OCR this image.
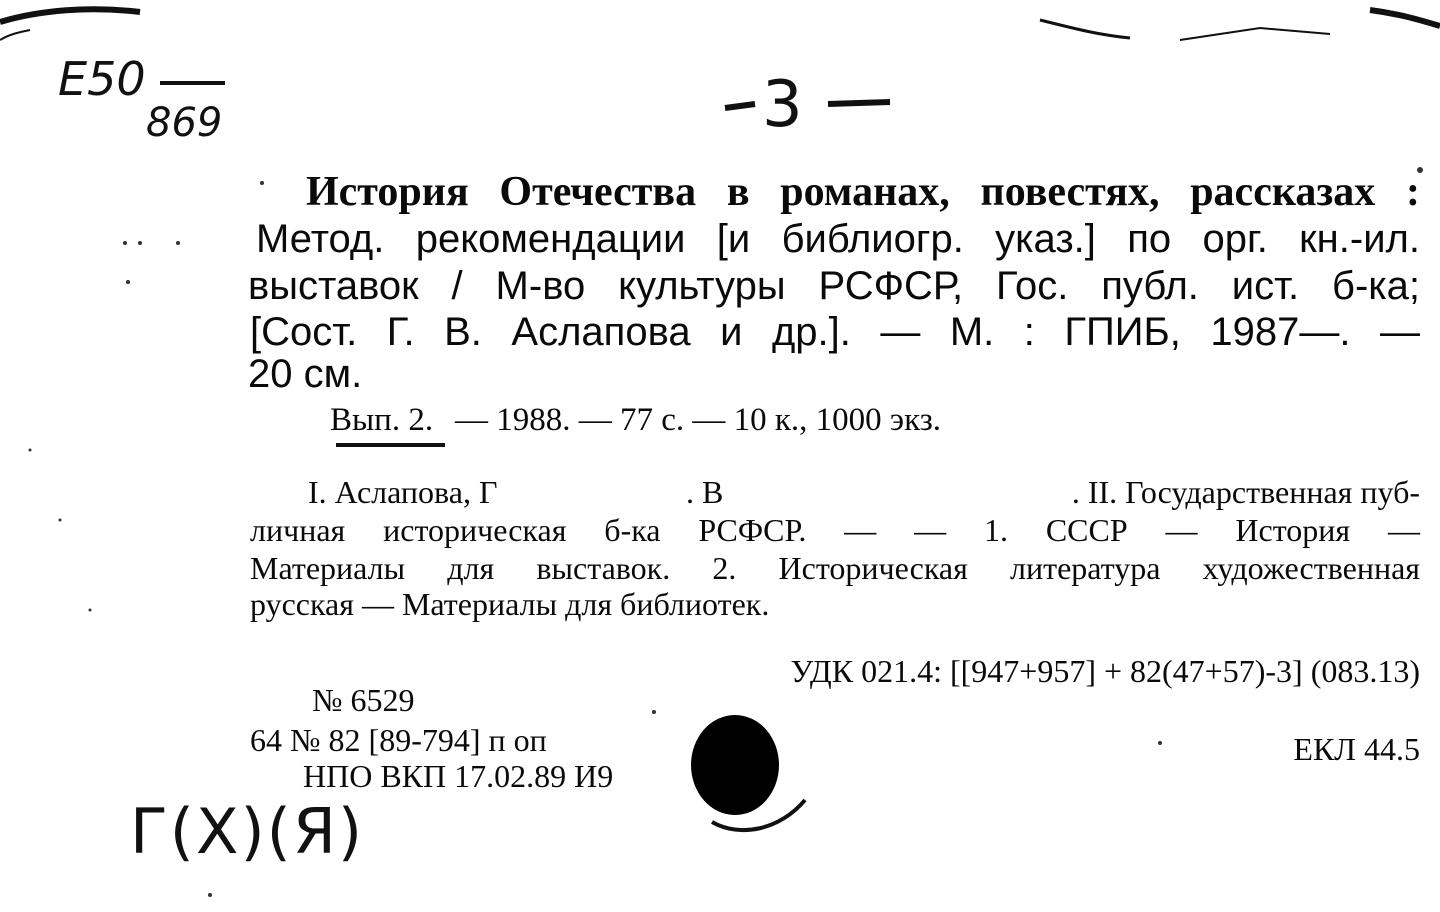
Е50
869	3
Г(Х)(Я)
История Отечества в романах, повестях, рассказах :
Метод. рекомендации [и библиогр. указ.] по орг. кн.-ил.
выставок / М-во культуры РСФСР, Гос. публ. ист. б-ка;
[Сост. Г. В. Аслапова и др.]. — М. : ГПИБ, 1987—. —
20 см.
Вып. 2. — 1988. — 77 с. — 10 к., 1000 экз.
I. Аслапова, Г	. В	. II. Государственная пуб-
личная историческая б-ка РСФСР. — — 1. СССР — История —
Материалы для выставок. 2. Историческая литература художественная
русская — Материалы для библиотек.
УДК 021.4: [[947+957] + 82(47+57)-3] (083.13)
№ 6529
64 № 82 [89-794] п оп
НПО ВКП 17.02.89 И9
ЕКЛ 44.5
